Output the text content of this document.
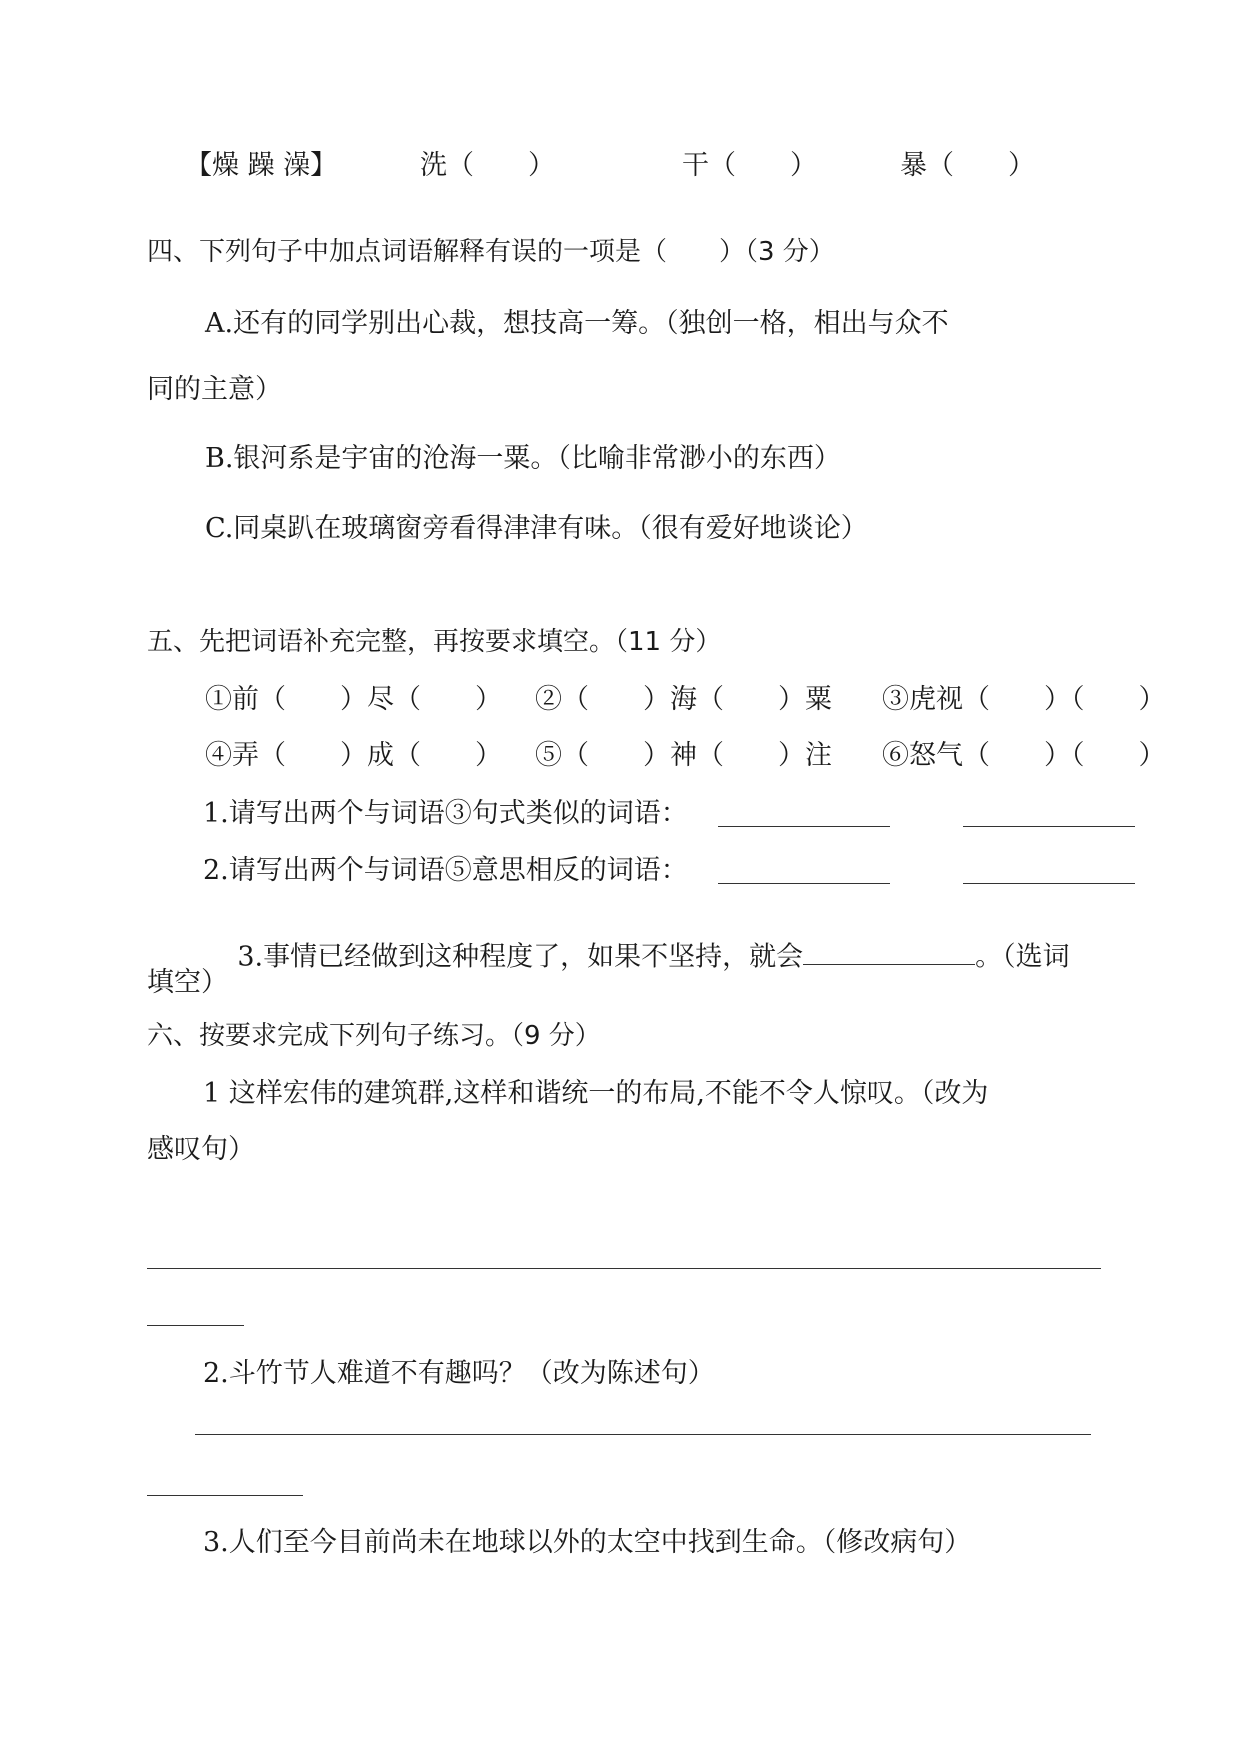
【燥 躁 澡】	洗（　　）	干（　　）	暴（　　）
四、下列句子中加点词语解释有误的一项是（　　）（3 分）
A.还有的同学别出心裁，想技高一筹。（独创一格，相出与众不
同的主意）
B.银河系是宇宙的沧海一粟。（比喻非常渺小的东西）
C.同桌趴在玻璃窗旁看得津津有味。（很有爱好地谈论）
五、先把词语补充完整，再按要求填空。（11 分）
①前（　　）尽（　　） ②（　　）海（　　）粟 ③虎视（　　）（　　）
④弄（　　）成（　　） ⑤（　　）神（　　）注 ⑥怒气（　　）（　　）
1.请写出两个与词语③句式类似的词语：
2.请写出两个与词语⑤意思相反的词语：

3.事情已经做到这种程度了，如果不坚持，就会	。（选词

填空）
六、按要求完成下列句子练习。（9 分）
1 这样宏伟的建筑群,这样和谐统一的布局,不能不令人惊叹。（改为
感叹句）
2.斗竹节人难道不有趣吗？（改为陈述句）
3.人们至今目前尚未在地球以外的太空中找到生命。（修改病句）
